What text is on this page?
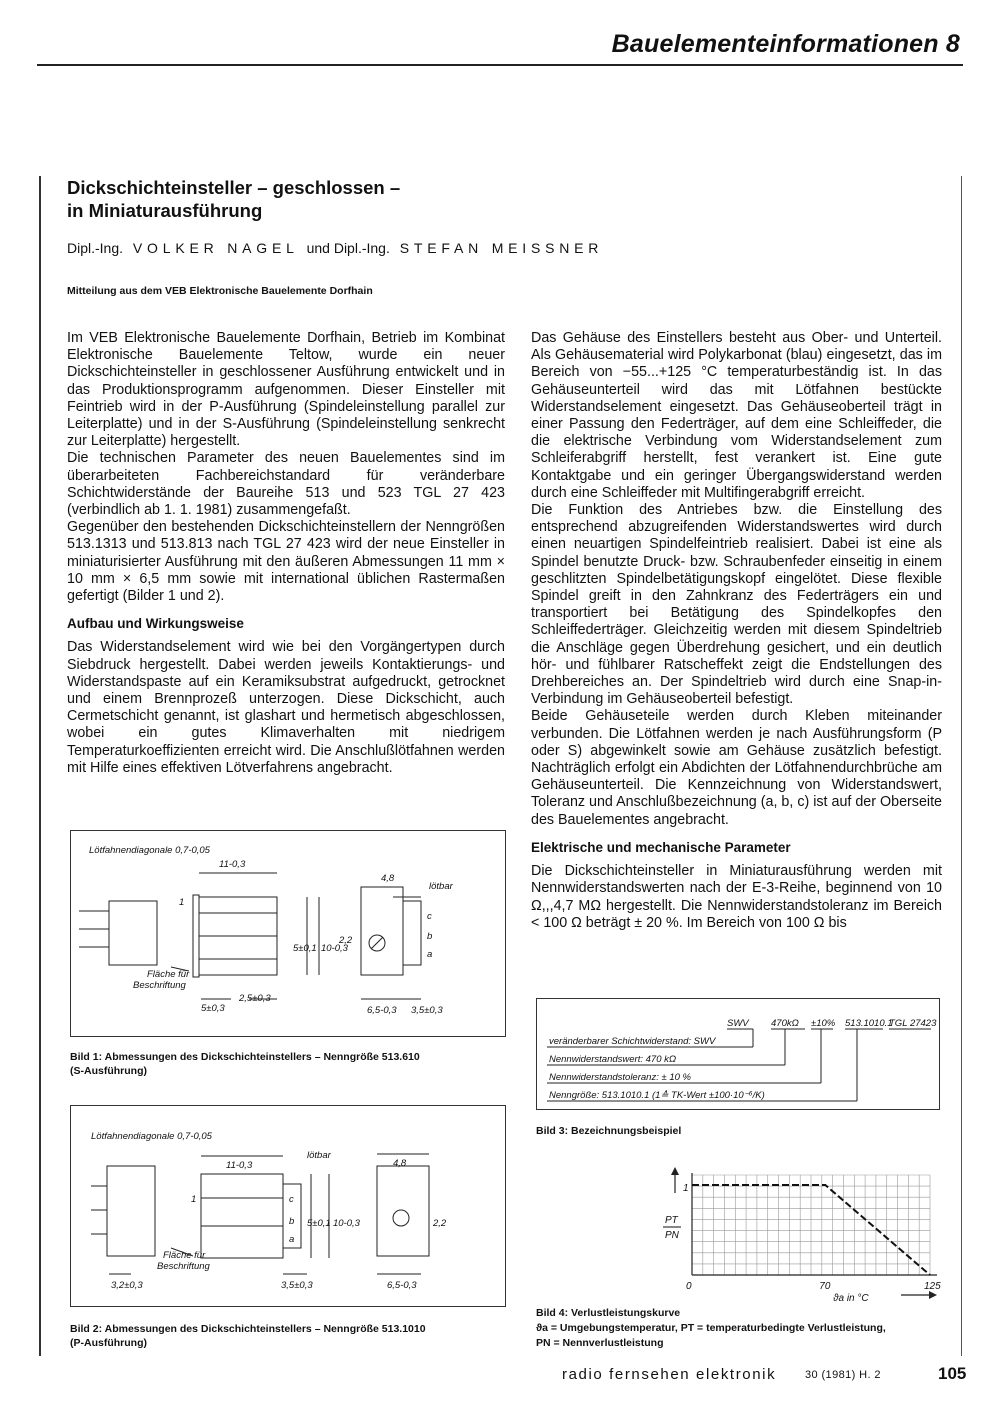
Bauelementeinformationen 8
Dickschichteinsteller – geschlossen –
in Miniaturausführung
Dipl.-Ing. VOLKER NAGEL und Dipl.-Ing. STEFAN MEISSNER
Mitteilung aus dem VEB Elektronische Bauelemente Dorfhain

Im VEB Elektronische Bauelemente Dorfhain, Betrieb im Kombinat Elektronische Bauelemente Teltow, wurde ein neuer Dickschichteinsteller in geschlossener Ausführung entwickelt und in das Produktionsprogramm aufgenommen. Dieser Einsteller mit Feintrieb wird in der P-Ausführung (Spindeleinstellung parallel zur Leiterplatte) und in der S-Ausführung (Spindeleinstellung senkrecht zur Leiterplatte) hergestellt.

Die technischen Parameter des neuen Bauelementes sind im überarbeiteten Fachbereichstandard für veränderbare Schichtwiderstände der Baureihe 513 und 523 TGL 27 423 (verbindlich ab 1. 1. 1981) zusammengefaßt.

Gegenüber den bestehenden Dickschichteinstellern der Nenngrößen 513.1313 und 513.813 nach TGL 27 423 wird der neue Einsteller in miniaturisierter Ausführung mit den äußeren Abmessungen 11 mm × 10 mm × 6,5 mm sowie mit international üblichen Rastermaßen gefertigt (Bilder 1 und 2).

Aufbau und Wirkungsweise

Das Widerstandselement wird wie bei den Vorgängertypen durch Siebdruck hergestellt. Dabei werden jeweils Kontaktierungs- und Widerstandspaste auf ein Keramiksubstrat aufgedruckt, getrocknet und einem Brennprozeß unterzogen. Diese Dickschicht, auch Cermetschicht genannt, ist glashart und hermetisch abgeschlossen, wobei ein gutes Klimaverhalten mit niedrigem Temperaturkoeffizienten erreicht wird. Die Anschlußlötfahnen werden mit Hilfe eines effektiven Lötverfahrens angebracht.

Das Gehäuse des Einstellers besteht aus Ober- und Unterteil. Als Gehäusematerial wird Polykarbonat (blau) eingesetzt, das im Bereich von −55...+125 °C temperaturbeständig ist. In das Gehäuseunterteil wird das mit Lötfahnen bestückte Widerstandselement eingesetzt. Das Gehäuseoberteil trägt in einer Passung den Federträger, auf dem eine Schleiffeder, die die elektrische Verbindung vom Widerstandselement zum Schleiferabgriff herstellt, fest verankert ist. Eine gute Kontaktgabe und ein geringer Übergangswiderstand werden durch eine Schleiffeder mit Multifingerabgriff erreicht.

Die Funktion des Antriebes bzw. die Einstellung des entsprechend abzugreifenden Widerstandswertes wird durch einen neuartigen Spindelfeintrieb realisiert. Dabei ist eine als Spindel benutzte Druck- bzw. Schraubenfeder einseitig in einem geschlitzten Spindelbetätigungskopf eingelötet. Diese flexible Spindel greift in den Zahnkranz des Federträgers ein und transportiert bei Betätigung des Spindelkopfes den Schleiffederträger. Gleichzeitig werden mit diesem Spindeltrieb die Anschläge gegen Überdrehung gesichert, und ein deutlich hör- und fühlbarer Ratscheffekt zeigt die Endstellungen des Drehbereiches an. Der Spindeltrieb wird durch eine Snap-in-Verbindung im Gehäuseoberteil befestigt.

Beide Gehäuseteile werden durch Kleben miteinander verbunden. Die Lötfahnen werden je nach Ausführungsform (P oder S) abgewinkelt sowie am Gehäuse zusätzlich befestigt. Nachträglich erfolgt ein Abdichten der Lötfahnendurchbrüche am Gehäuseunterteil. Die Kennzeichnung von Widerstandswert, Toleranz und Anschlußbezeichnung (a, b, c) ist auf der Oberseite des Bauelementes angebracht.

Elektrische und mechanische Parameter

Die Dickschichteinsteller in Miniaturausführung werden mit Nennwiderstandswerten nach der E-3-Reihe, beginnend von 10 Ω,,,4,7 MΩ hergestellt. Die Nennwiderstandstoleranz im Bereich < 100 Ω beträgt ± 20 %. Im Bereich von 100 Ω bis

Lötfahnendiagonale 0,7-0,05
11-0,3
4,8
lötbar
5±0,1 10-0,3
2,2
Fläche für
Beschriftung
5±0,3
2,5±0,3
6,5-0,3 3,5±0,3
c
b
a
1
Bild 1: Abmessungen des Dickschichteinstellers – Nenngröße 513.610
(S-Ausführung)
Lötfahnendiagonale 0,7-0,05
11-0,3
lötbar
4,8
5±0,1 10-0,3	2,2
Fläche für
Beschriftung
3,2±0,3	3,5±0,3	6,5-0,3
c
b
a
1
Bild 2: Abmessungen des Dickschichteinstellers – Nenngröße 513.1010
(P-Ausführung)
SWV 470kΩ ±10% 513.1010.1
TGL 27423
veränderbarer Schichtwiderstand: SWV
Nennwiderstandswert: 470 kΩ
Nennwiderstandstoleranz: ± 10 %
Nenngröße: 513.1010.1 (1≙ TK-Wert ±100·10⁻⁶/K)
Bild 3: Bezeichnungsbeispiel
1
PT
PN
0	70	125
ϑa in °C
Bild 4: Verlustleistungskurve
ϑa = Umgebungstemperatur, PT = temperaturbedingte Verlustleistung,
PN = Nennverlustleistung
radio fernsehen elektronik	30 (1981) H. 2	105
